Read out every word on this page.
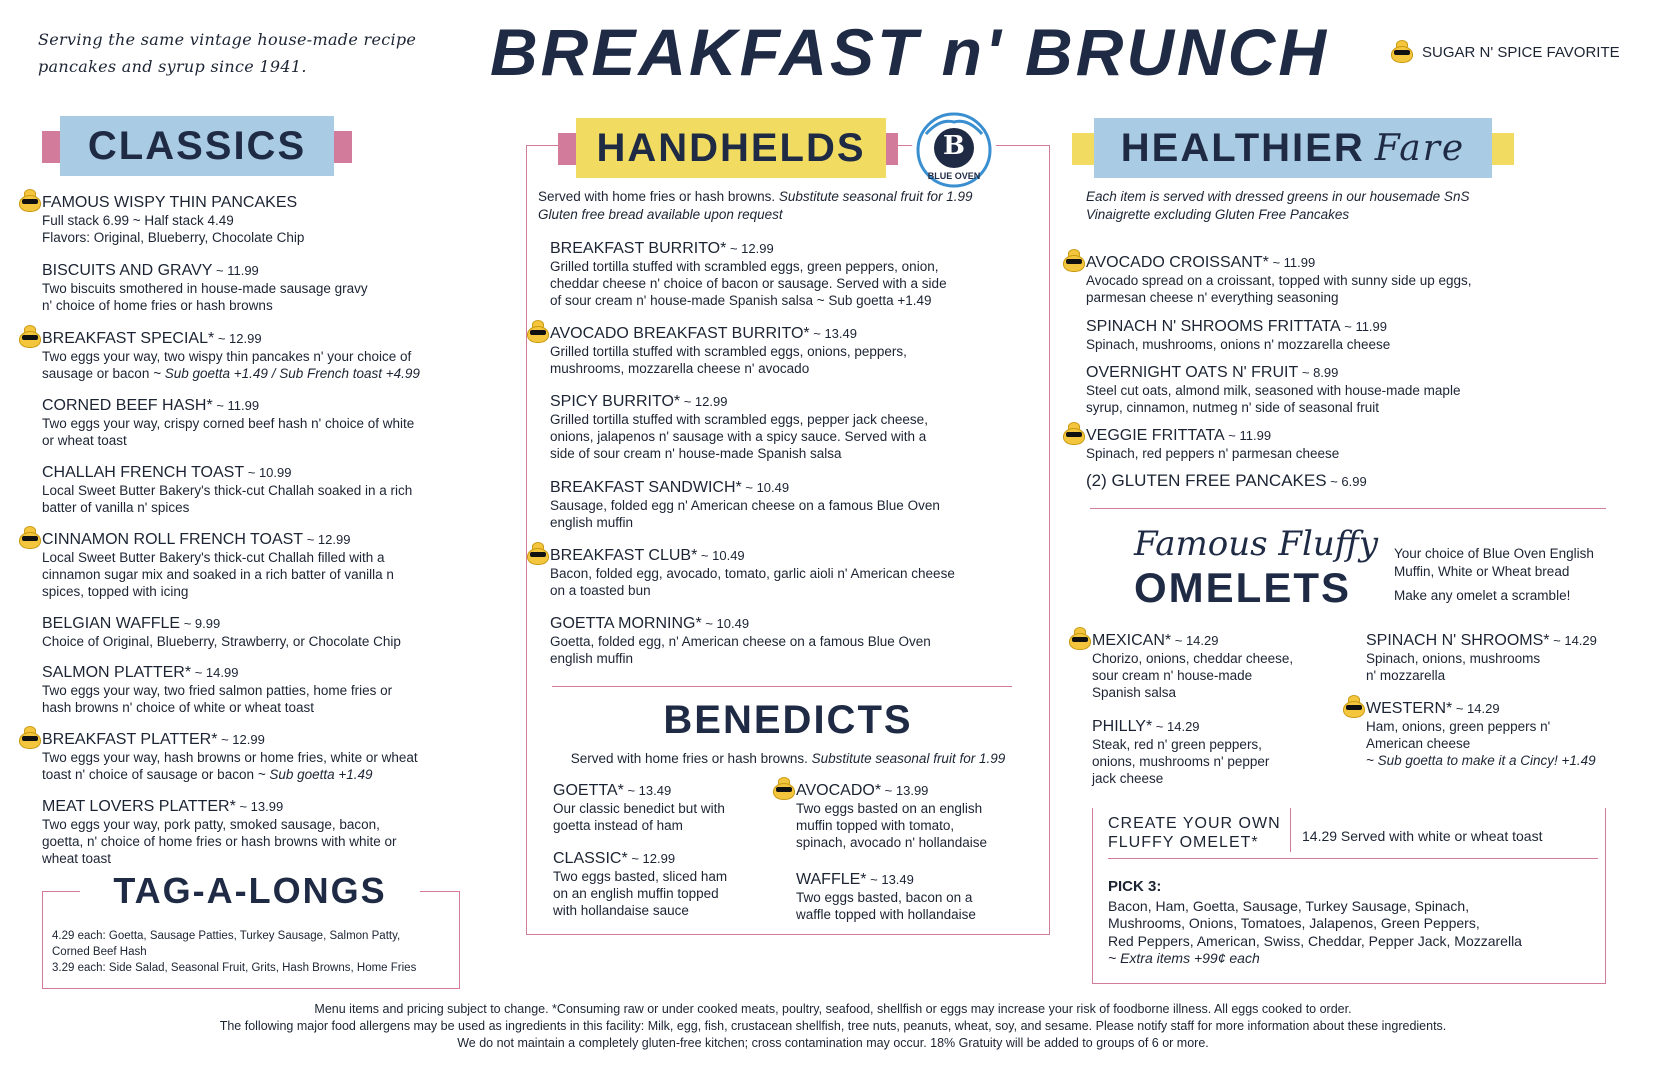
Serving the same vintage house-made recipe pancakes and syrup since 1941.	BREAKFAST n' BRUNCH	SUGAR N' SPICE FAVORITE
CLASSICS
FAMOUS WISPY THIN PANCAKES
Full stack 6.99 ~ Half stack 4.49
Flavors: Original, Blueberry, Chocolate Chip
BISCUITS AND GRAVY ~ 11.99
Two biscuits smothered in house-made sausage gravy
n' choice of home fries or hash browns
BREAKFAST SPECIAL* ~ 12.99
Two eggs your way, two wispy thin pancakes n' your choice of
sausage or bacon ~ Sub goetta +1.49 / Sub French toast +4.99
CORNED BEEF HASH* ~ 11.99
Two eggs your way, crispy corned beef hash n' choice of white
or wheat toast
CHALLAH FRENCH TOAST ~ 10.99
Local Sweet Butter Bakery's thick-cut Challah soaked in a rich
batter of vanilla n' spices
CINNAMON ROLL FRENCH TOAST ~ 12.99
Local Sweet Butter Bakery's thick-cut Challah filled with a
cinnamon sugar mix and soaked in a rich batter of vanilla n
spices, topped with icing
BELGIAN WAFFLE ~ 9.99
Choice of Original, Blueberry, Strawberry, or Chocolate Chip
SALMON PLATTER* ~ 14.99
Two eggs your way, two fried salmon patties, home fries or
hash browns n' choice of white or wheat toast
BREAKFAST PLATTER* ~ 12.99
Two eggs your way, hash browns or home fries, white or wheat
toast n' choice of sausage or bacon ~ Sub goetta +1.49
MEAT LOVERS PLATTER* ~ 13.99
Two eggs your way, pork patty, smoked sausage, bacon,
goetta, n' choice of home fries or hash browns with white or
wheat toast
TAG-A-LONGS
4.29 each: Goetta, Sausage Patties, Turkey Sausage, Salmon Patty,
Corned Beef Hash
3.29 each: Side Salad, Seasonal Fruit, Grits, Hash Browns, Home Fries
HANDHELDS	B
BLUE OVEN
Served with home fries or hash browns. Substitute seasonal fruit for 1.99
Gluten free bread available upon request
BREAKFAST BURRITO* ~ 12.99
Grilled tortilla stuffed with scrambled eggs, green peppers, onion,
cheddar cheese n' choice of bacon or sausage. Served with a side
of sour cream n' house-made Spanish salsa ~ Sub goetta +1.49
AVOCADO BREAKFAST BURRITO* ~ 13.49
Grilled tortilla stuffed with scrambled eggs, onions, peppers,
mushrooms, mozzarella cheese n' avocado
SPICY BURRITO* ~ 12.99
Grilled tortilla stuffed with scrambled eggs, pepper jack cheese,
onions, jalapenos n' sausage with a spicy sauce. Served with a
side of sour cream n' house-made Spanish salsa
BREAKFAST SANDWICH* ~ 10.49
Sausage, folded egg n' American cheese on a famous Blue Oven
english muffin
BREAKFAST CLUB* ~ 10.49
Bacon, folded egg, avocado, tomato, garlic aioli n' American cheese
on a toasted bun
GOETTA MORNING* ~ 10.49
Goetta, folded egg, n' American cheese on a famous Blue Oven
english muffin
BENEDICTS
Served with home fries or hash browns. Substitute seasonal fruit for 1.99
GOETTA* ~ 13.49
Our classic benedict but with
goetta instead of ham
CLASSIC* ~ 12.99
Two eggs basted, sliced ham
on an english muffin topped
with hollandaise sauce
AVOCADO* ~ 13.99
Two eggs basted on an english
muffin topped with tomato,
spinach, avocado n' hollandaise
WAFFLE* ~ 13.49
Two eggs basted, bacon on a
waffle topped with hollandaise
HEALTHIER Fare
Each item is served with dressed greens in our housemade SnS
Vinaigrette excluding Gluten Free Pancakes
AVOCADO CROISSANT* ~ 11.99
Avocado spread on a croissant, topped with sunny side up eggs,
parmesan cheese n' everything seasoning
SPINACH N' SHROOMS FRITTATA ~ 11.99
Spinach, mushrooms, onions n' mozzarella cheese
OVERNIGHT OATS N' FRUIT ~ 8.99
Steel cut oats, almond milk, seasoned with house-made maple
syrup, cinnamon, nutmeg n' side of seasonal fruit
VEGGIE FRITTATA ~ 11.99
Spinach, red peppers n' parmesan cheese
(2) GLUTEN FREE PANCAKES ~ 6.99
Famous Fluffy
OMELETS
Your choice of Blue Oven English
Muffin, White or Wheat bread
Make any omelet a scramble!
MEXICAN* ~ 14.29
Chorizo, onions, cheddar cheese,
sour cream n' house-made
Spanish salsa
PHILLY* ~ 14.29
Steak, red n' green peppers,
onions, mushrooms n' pepper
jack cheese
SPINACH N' SHROOMS* ~ 14.29
Spinach, onions, mushrooms
n' mozzarella
WESTERN* ~ 14.29
Ham, onions, green peppers n'
American cheese
~ Sub goetta to make it a Cincy! +1.49
CREATE YOUR OWN
FLUFFY OMELET*	14.29 Served with white or wheat toast
PICK 3:
Bacon, Ham, Goetta, Sausage, Turkey Sausage, Spinach,
Mushrooms, Onions, Tomatoes, Jalapenos, Green Peppers,
Red Peppers, American, Swiss, Cheddar, Pepper Jack, Mozzarella
~ Extra items +99¢ each
Menu items and pricing subject to change. *Consuming raw or under cooked meats, poultry, seafood, shellfish or eggs may increase your risk of foodborne illness. All eggs cooked to order.
The following major food allergens may be used as ingredients in this facility: Milk, egg, fish, crustacean shellfish, tree nuts, peanuts, wheat, soy, and sesame. Please notify staff for more information about these ingredients.
We do not maintain a completely gluten-free kitchen; cross contamination may occur. 18% Gratuity will be added to groups of 6 or more.
